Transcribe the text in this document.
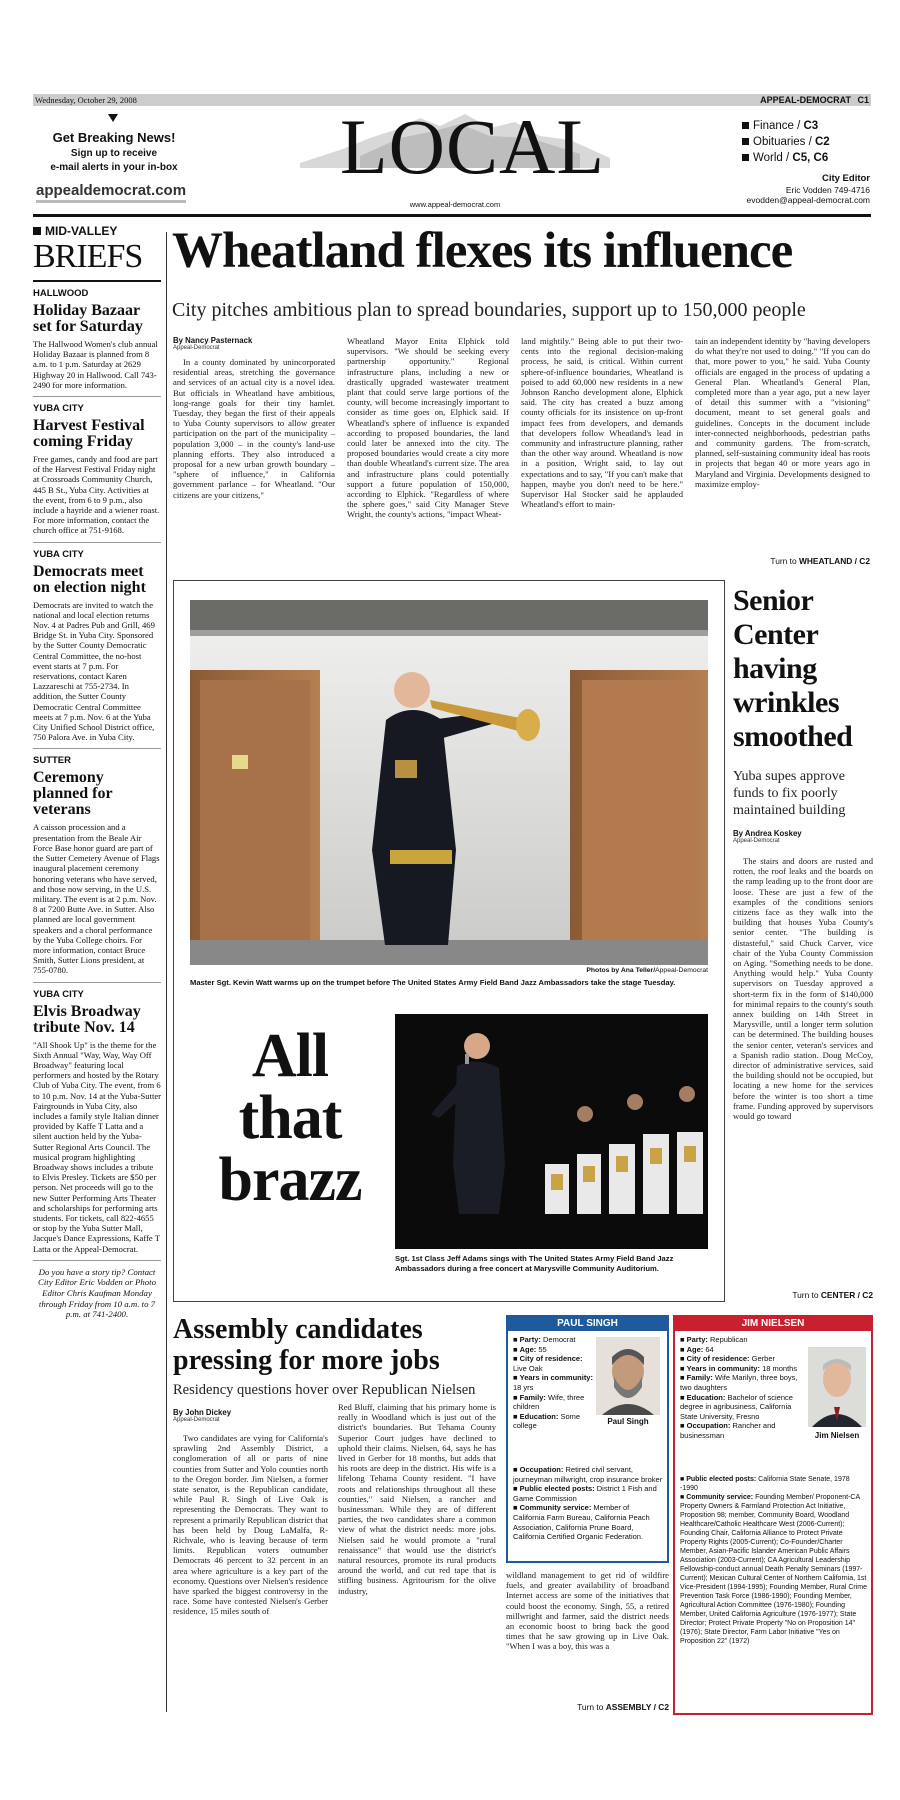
Wednesday, October 29, 2008	APPEAL-DEMOCRAT C1
Get Breaking News!
Sign up to receive
e-mail alerts in your in-box
appealdemocrat.com
LOCAL
www.appeal-democrat.com
Finance / C3
Obituaries / C2
World / C5, C6
City Editor
Eric Vodden 749-4716
evodden@appeal-democrat.com
MID-VALLEY
BRIEFS
HALLWOOD
Holiday Bazaar set for Saturday
The Hallwood Women's club annual Holiday Bazaar is planned from 8 a.m. to 1 p.m. Saturday at 2629 Highway 20 in Hallwood. Call 743-2490 for more information.
YUBA CITY
Harvest Festival coming Friday
Free games, candy and food are part of the Harvest Festival Friday night at Crossroads Community Church, 445 B St., Yuba City. Activities at the event, from 6 to 9 p.m., also include a hayride and a wiener roast. For more information, contact the church office at 751-9168.
YUBA CITY
Democrats meet on election night
Democrats are invited to watch the national and local election returns Nov. 4 at Padres Pub and Grill, 469 Bridge St. in Yuba City. Sponsored by the Sutter County Democratic Central Committee, the no-host event starts at 7 p.m. For reservations, contact Karen Lazzareschi at 755-2734. In addition, the Sutter County Democratic Central Committee meets at 7 p.m. Nov. 6 at the Yuba City Unified School District office, 750 Palora Ave. in Yuba City.
SUTTER
Ceremony planned for veterans
A caisson procession and a presentation from the Beale Air Force Base honor guard are part of the Sutter Cemetery Avenue of Flags inaugural placement ceremony honoring veterans who have served, and those now serving, in the U.S. military. The event is at 2 p.m. Nov. 8 at 7200 Butte Ave. in Sutter. Also planned are local government speakers and a choral performance by the Yuba College choirs. For more information, contact Bruce Smith, Sutter Lions president, at 755-0780.
YUBA CITY
Elvis Broadway tribute Nov. 14
"All Shook Up" is the theme for the Sixth Annual "Way, Way, Way Off Broadway" featuring local performers and hosted by the Rotary Club of Yuba City. The event, from 6 to 10 p.m. Nov. 14 at the Yuba-Sutter Fairgrounds in Yuba City, also includes a family style Italian dinner provided by Kaffe T Latta and a silent auction held by the Yuba-Sutter Regional Arts Council. The musical program highlighting Broadway shows includes a tribute to Elvis Presley. Tickets are $50 per person. Net proceeds will go to the new Sutter Performing Arts Theater and scholarships for performing arts students. For tickets, call 822-4655 or stop by the Yuba Sutter Mall, Jacque's Dance Expressions, Kaffe T Latta or the Appeal-Democrat.
Do you have a story tip? Contact City Editor Eric Vodden or Photo Editor Chris Kaufman Monday through Friday from 10 a.m. to 7 p.m. at 741-2400.
Wheatland flexes its influence
City pitches ambitious plan to spread boundaries, support up to 150,000 people
By Nancy Pasternack
Appeal-Democrat
In a county dominated by unincorporated residential areas, stretching the governance and services of an actual city is a novel idea. But officials in Wheatland have ambitious, long-range goals for their tiny hamlet. Tuesday, they began the first of their appeals to Yuba County supervisors to allow greater participation on the part of the municipality – population 3,000 – in the county's land-use planning efforts. They also introduced a proposal for a new urban growth boundary – "sphere of influence," in California government parlance – for Wheatland. "Our citizens are your citizens,"
Wheatland Mayor Enita Elphick told supervisors. "We should be seeking every partnership opportunity." Regional infrastructure plans, including a new or drastically upgraded wastewater treatment plant that could serve large portions of the county, will become increasingly important to consider as time goes on, Elphick said. If Wheatland's sphere of influence is expanded according to proposed boundaries, the land could later be annexed into the city. The proposed boundaries would create a city more than double Wheatland's current size. The area and infrastructure plans could potentially support a future population of 150,000, according to Elphick. "Regardless of where the sphere goes," said City Manager Steve Wright, the county's actions, "impact Wheat-
land mightily." Being able to put their two-cents into the regional decision-making process, he said, is critical. Within current sphere-of-influence boundaries, Wheatland is poised to add 60,000 new residents in a new Johnson Rancho development alone, Elphick said. The city has created a buzz among county officials for its insistence on up-front impact fees from developers, and demands that developers follow Wheatland's lead in community and infrastructure planning, rather than the other way around. Wheatland is now in a position, Wright said, to lay out expectations and to say, "If you can't make that happen, maybe you don't need to be here." Supervisor Hal Stocker said he applauded Wheatland's effort to main-
tain an independent identity by "having developers do what they're not used to doing." "If you can do that, more power to you," he said. Yuba County officials are engaged in the process of updating a General Plan. Wheatland's General Plan, completed more than a year ago, put a new layer of detail this summer with a "visioning" document, meant to set general goals and guidelines. Concepts in the document include inter-connected neighborhoods, pedestrian paths and community gardens. The from-scratch, planned, self-sustaining community ideal has roots in projects that began 40 or more years ago in Maryland and Virginia. Developments designed to maximize employ-
Turn to WHEATLAND / C2
Photos by Ana Teller/Appeal-Democrat
Master Sgt. Kevin Watt warms up on the trumpet before The United States Army Field Band Jazz Ambassadors take the stage Tuesday.
All
that
brazz
Sgt. 1st Class Jeff Adams sings with The United States Army Field Band Jazz Ambassadors during a free concert at Marysville Community Auditorium.
Senior
Center
having
wrinkles
smoothed
Yuba supes approve funds to fix poorly maintained building
By Andrea Koskey
Appeal-Democrat
The stairs and doors are rusted and rotten, the roof leaks and the boards on the ramp leading up to the front door are loose. These are just a few of the examples of the conditions seniors citizens face as they walk into the building that houses Yuba County's senior center. "The building is distasteful," said Chuck Carver, vice chair of the Yuba County Commission on Aging. "Something needs to be done. Anything would help." Yuba County supervisors on Tuesday approved a short-term fix in the form of $140,000 for minimal repairs to the county's south annex building on 14th Street in Marysville, until a longer term solution can be determined. The building houses the senior center, veteran's services and a Spanish radio station. Doug McCoy, director of administrative services, said the building should not be occupied, but locating a new home for the services before the winter is too short a time frame. Funding approved by supervisors would go toward
Turn to CENTER / C2
Assembly candidates pressing for more jobs
Residency questions hover over Republican Nielsen
By John Dickey
Appeal-Democrat
Two candidates are vying for California's sprawling 2nd Assembly District, a conglomeration of all or parts of nine counties from Sutter and Yolo counties north to the Oregon border. Jim Nielsen, a former state senator, is the Republican candidate, while Paul R. Singh of Live Oak is representing the Democrats. They want to represent a primarily Republican district that has been held by Doug LaMalfa, R-Richvale, who is leaving because of term limits. Republican voters outnumber Democrats 46 percent to 32 percent in an area where agriculture is a key part of the economy. Questions over Nielsen's residence have sparked the biggest controversy in the race. Some have contested Nielsen's Gerber residence, 15 miles south of
Red Bluff, claiming that his primary home is really in Woodland which is just out of the district's boundaries. But Tehama County Superior Court judges have declined to uphold their claims. Nielsen, 64, says he has lived in Gerber for 18 months, but adds that his roots are deep in the district. His wife is a lifelong Tehama County resident. "I have roots and relationships throughout all these counties," said Nielsen, a rancher and businessman. While they are of different parties, the two candidates share a common view of what the district needs: more jobs. Nielsen said he would promote a "rural renaissance" that would use the district's natural resources, promote its rural products around the world, and cut red tape that is stifling business. Agritourism for the olive industry,
wildland management to get rid of wildfire fuels, and greater availability of broadband Internet access are some of the initiatives that could boost the economy. Singh, 55, a retired millwright and farmer, said the district needs an economic boost to bring back the good times that he saw growing up in Live Oak. "When I was a boy, this was a
Turn to ASSEMBLY / C2
PAUL SINGH
Paul Singh
■ Party: Democrat
■ Age: 55
■ City of residence: Live Oak
■ Years in community: 18 yrs
■ Family: Wife, three children
■ Education: Some college
■ Occupation: Retired civil servant, journeyman millwright, crop insurance broker
■ Public elected posts: District 1 Fish and Game Commission
■ Community service: Member of California Farm Bureau, California Peach Association, California Prune Board, California Certified Organic Federation.
JIM NIELSEN
Jim Nielsen
■ Party: Republican
■ Age: 64
■ City of residence: Gerber
■ Years in community: 18 months
■ Family: Wife Marilyn, three boys, two daughters
■ Education: Bachelor of science degree in agribusiness, California State University, Fresno
■ Occupation: Rancher and businessman
■ Public elected posts: California State Senate, 1978 -1990
■ Community service: Founding Member/ Proponent-CA Property Owners & Farmland Protection Act Initiative, Proposition 98; member, Community Board, Woodland Healthcare/Catholic Healthcare West (2006-Current); Founding Chair, California Alliance to Protect Private Property Rights (2005-Current); Co-Founder/Charter Member, Asian-Pacific Islander American Public Affairs Association (2003-Current); CA Agricultural Leadership Fellowship-conduct annual Death Penalty Seminars (1997-Current); Mexican Cultural Center of Northern California, 1st Vice-President (1994-1995); Founding Member, Rural Crime Prevention Task Force (1986-1990); Founding Member, Agricultural Action Committee (1976-1980); Founding Member, United California Agriculture (1976-1977); State Director; Protect Private Property "No on Proposition 14" (1976); State Director, Farm Labor Initiative "Yes on Proposition 22" (1972)
